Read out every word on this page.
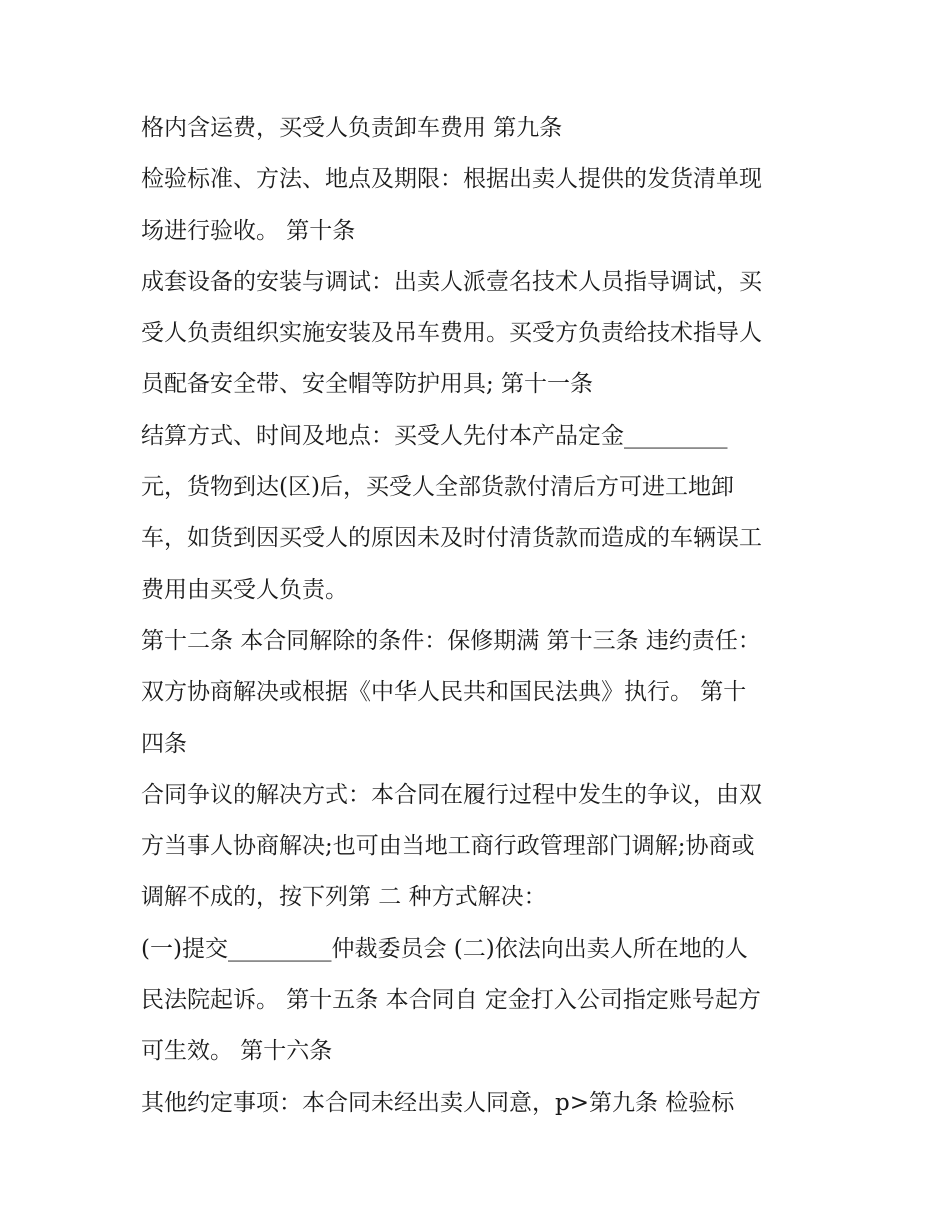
格内含运费，买受人负责卸车费用 第九条
检验标准、方法、地点及期限：根据出卖人提供的发货清单现
场进行验收。 第十条
成套设备的安装与调试：出卖人派壹名技术人员指导调试，买
受人负责组织实施安装及吊车费用。买受方负责给技术指导人
员配备安全带、安全帽等防护用具; 第十一条
结算方式、时间及地点：买受人先付本产品定金_________
元，货物到达(区)后，买受人全部货款付清后方可进工地卸
车，如货到因买受人的原因未及时付清货款而造成的车辆误工
费用由买受人负责。
第十二条 本合同解除的条件：保修期满 第十三条 违约责任：
双方协商解决或根据《中华人民共和国民法典》执行。 第十
四条
合同争议的解决方式：本合同在履行过程中发生的争议，由双
方当事人协商解决;也可由当地工商行政管理部门调解;协商或
调解不成的，按下列第 二 种方式解决：
(一)提交_________仲裁委员会 (二)依法向出卖人所在地的人
民法院起诉。 第十五条 本合同自 定金打入公司指定账号起方
可生效。 第十六条
其他约定事项：本合同未经出卖人同意，p>第九条 检验标
